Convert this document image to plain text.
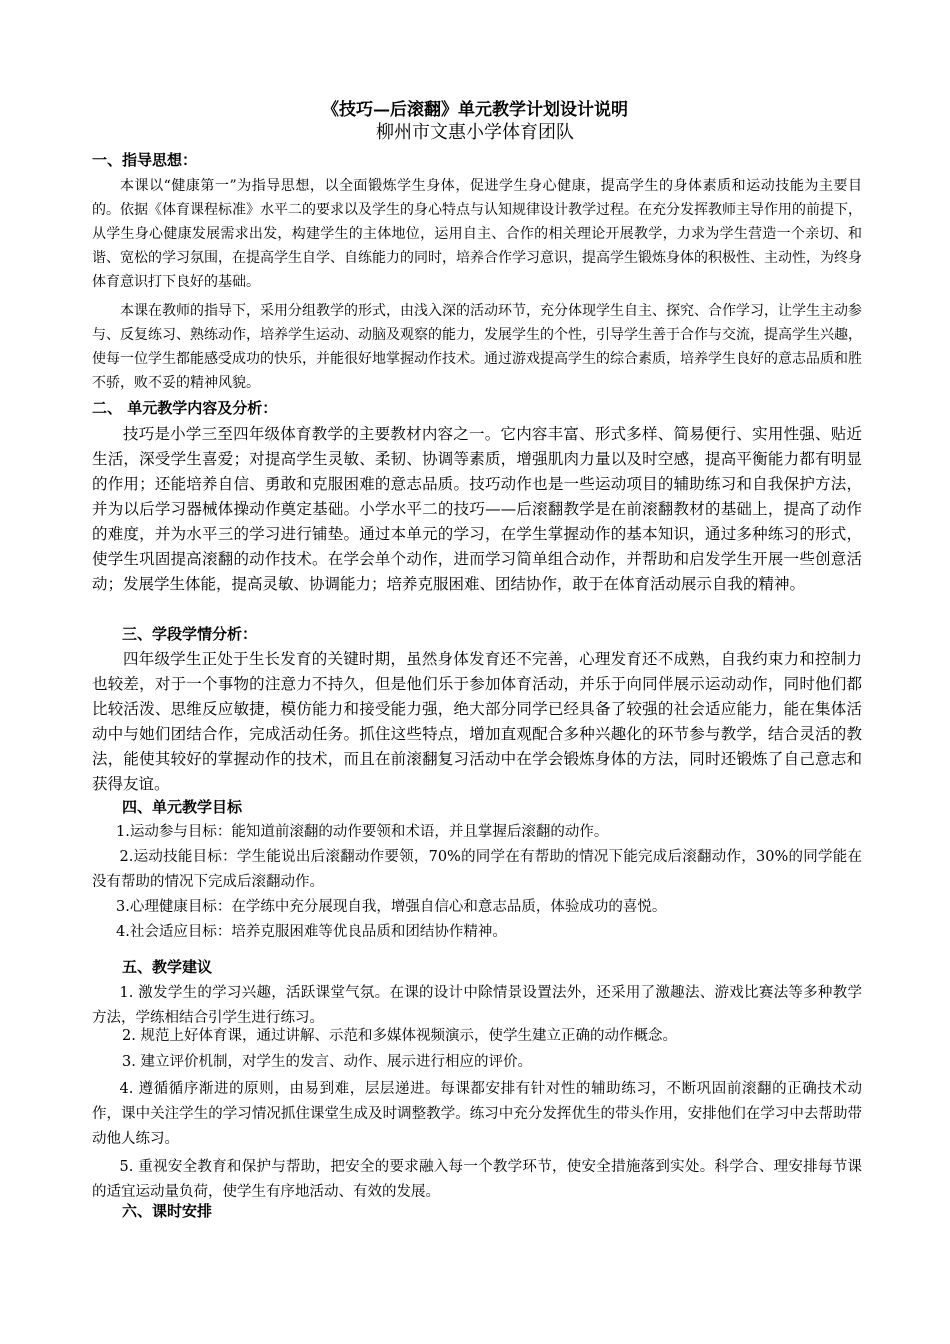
《技巧—后滚翻》单元教学计划设计说明
柳州市文惠小学体育团队
一、指导思想：
本课以“健康第一”为指导思想，以全面锻炼学生身体，促进学生身心健康，提高学生的身体素质和运动技能为主要目的。依据《体育课程标准》水平二的要求以及学生的身心特点与认知规律设计教学过程。在充分发挥教师主导作用的前提下，从学生身心健康发展需求出发，构建学生的主体地位，运用自主、合作的相关理论开展教学，力求为学生营造一个亲切、和谐、宽松的学习氛围，在提高学生自学、自练能力的同时，培养合作学习意识，提高学生锻炼身体的积极性、主动性，为终身体育意识打下良好的基础。
本课在教师的指导下，采用分组教学的形式，由浅入深的活动环节，充分体现学生自主、探究、合作学习，让学生主动参与、反复练习、熟练动作，培养学生运动、动脑及观察的能力，发展学生的个性，引导学生善于合作与交流，提高学生兴趣，使每一位学生都能感受成功的快乐，并能很好地掌握动作技术。通过游戏提高学生的综合素质，培养学生良好的意志品质和胜不骄，败不妥的精神风貌。
二、 单元教学内容及分析：
技巧是小学三至四年级体育教学的主要教材内容之一。它内容丰富、形式多样、简易便行、实用性强、贴近生活，深受学生喜爱；对提高学生灵敏、柔韧、协调等素质，增强肌肉力量以及时空感，提高平衡能力都有明显的作用；还能培养自信、勇敢和克服困难的意志品质。技巧动作也是一些运动项目的辅助练习和自我保护方法，并为以后学习器械体操动作奠定基础。小学水平二的技巧——后滚翻教学是在前滚翻教材的基础上，提高了动作的难度，并为水平三的学习进行铺垫。通过本单元的学习，在学生掌握动作的基本知识，通过多种练习的形式，使学生巩固提高滚翻的动作技术。在学会单个动作，进而学习简单组合动作，并帮助和启发学生开展一些创意活动；发展学生体能，提高灵敏、协调能力；培养克服困难、团结协作，敢于在体育活动展示自我的精神。
三、学段学情分析：
四年级学生正处于生长发育的关键时期，虽然身体发育还不完善，心理发育还不成熟，自我约束力和控制力也较差，对于一个事物的注意力不持久，但是他们乐于参加体育活动，并乐于向同伴展示运动动作，同时他们都比较活泼、思维反应敏捷，模仿能力和接受能力强，绝大部分同学已经具备了较强的社会适应能力，能在集体活动中与她们团结合作，完成活动任务。抓住这些特点，增加直观配合多种兴趣化的环节参与教学，结合灵活的教法，能使其较好的掌握动作的技术，而且在前滚翻复习活动中在学会锻炼身体的方法，同时还锻炼了自己意志和获得友谊。
四、单元教学目标
1.运动参与目标：能知道前滚翻的动作要领和术语，并且掌握后滚翻的动作。
2.运动技能目标：学生能说出后滚翻动作要领，70%的同学在有帮助的情况下能完成后滚翻动作，30%的同学能在没有帮助的情况下完成后滚翻动作。
3.心理健康目标：在学练中充分展现自我，增强自信心和意志品质，体验成功的喜悦。
4.社会适应目标：培养克服困难等优良品质和团结协作精神。
五、教学建议
1. 激发学生的学习兴趣，活跃课堂气氛。在课的设计中除情景设置法外，还采用了激趣法、游戏比赛法等多种教学方法，学练相结合引学生进行练习。
2. 规范上好体育课，通过讲解、示范和多媒体视频演示，使学生建立正确的动作概念。
3. 建立评价机制，对学生的发言、动作、展示进行相应的评价。
4. 遵循循序渐进的原则，由易到难，层层递进。每课都安排有针对性的辅助练习，不断巩固前滚翻的正确技术动作，课中关注学生的学习情况抓住课堂生成及时调整教学。练习中充分发挥优生的带头作用，安排他们在学习中去帮助带动他人练习。
5. 重视安全教育和保护与帮助，把安全的要求融入每一个教学环节，使安全措施落到实处。科学合、理安排每节课的适宜运动量负荷，使学生有序地活动、有效的发展。
六、课时安排
